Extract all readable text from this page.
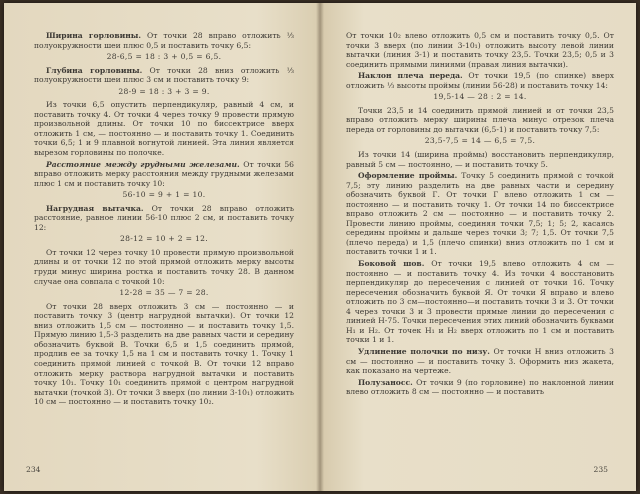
Ширина горловины. От точки 28 вправо отложить ⅓ полуокружности шеи плюс 0,5 и поставить точку 6,5:

28-6,5 = 18 : 3 + 0,5 = 6,5.

Глубина горловины. От точки 28 вниз отложить ⅓ полуокружности шеи плюс 3 см и поставить точку 9:

28-9 = 18 : 3 + 3 = 9.

Из точки 6,5 опустить перпендикуляр, равный 4 см, и поставить точку 4. От точки 4 через точку 9 провести прямую произвольной длины. От точки 10 по биссектрисе вверх отложить 1 см, — постоянно — и поставить точку 1. Соединить точки 6,5; 1 и 9 плавной вогнутой линией. Эта линия является вырезом горловины по полочке.

Расстояние между грудными железами. От точки 56 вправо отложить мерку расстояния между грудными железами плюс 1 см и поставить точку 10:

56-10 = 9 + 1 = 10.

Нагрудная вытачка. От точки 28 вправо отложить расстояние, равное линии 56-10 плюс 2 см, и поставить точку 12:

28-12 = 10 + 2 = 12.

От точки 12 через точку 10 провести прямую произвольной длины и от точки 12 по этой прямой отложить мерку высоты груди минус ширина ростка и поставить точку 28. В данном случае она совпала с точкой 10:

12-28 = 35 — 7 = 28.

От точки 28 вверх отложить 3 см — постоянно — и поставить точку 3 (центр нагрудной вытачки). От точки 12 вниз отложить 1,5 см — постоянно — и поставить точку 1,5. Прямую линию 1,5-3 разделить на две равных части и середину обозначить буквой В. Точки 6,5 и 1,5 соединить прямой, продлив ее за точку 1,5 на 1 см и поставить точку 1. Точку 1 соединить прямой линией с точкой В. От точки 12 вправо отложить мерку раствора нагрудной вытачки и поставить точку 10₁. Точку 10₁ соединить прямой с центром нагрудной вытачки (точкой 3). От точки 3 вверх (по линии 3-10₁) отложить 10 см — постоянно — и поставить точку 10₂.

234

От точки 10₂ влево отложить 0,5 см и поставить точку 0,5. От точки 3 вверх (по линии 3-10₁) отложить высоту левой линии вытачки (линия 3-1) и поставить точку 23,5. Точки 23,5; 0,5 и 3 соединить прямыми линиями (правая линия вытачки).

Наклон плеча переда. От точки 19,5 (по спинке) вверх отложить ⅓ высоты проймы (линии 56-28) и поставить точку 14:

19,5-14 — 28 : 2 = 14.

Точки 23,5 и 14 соединить прямой линией и от точки 23,5 вправо отложить мерку ширины плеча минус отрезок плеча переда от горловины до вытачки (6,5-1) и поставить точку 7,5:

23,5-7,5 = 14 — 6,5 = 7,5.

Из точки 14 (ширина проймы) восстановить перпендикуляр, равный 5 см — постоянно, — и поставить точку 5.

Оформление проймы. Точку 5 соединить прямой с точкой 7,5; эту линию разделить на две равных части и середину обозначить буквой Г. От точки Г влево отложить 1 см — постоянно — и поставить точку 1. От точки 14 по биссектрисе вправо отложить 2 см — постоянно — и поставить точку 2. Провести линию проймы, соединяя точки 7,5; 1; 5; 2, касаясь середины проймы и дальше через точки 3; 7; 1,5. От точки 7,5 (плечо переда) и 1,5 (плечо спинки) вниз отложить по 1 см и поставить точки 1 и 1.

Боковой шов. От точки 19,5 влево отложить 4 см — постоянно — и поставить точку 4. Из точки 4 восстановить перпендикуляр до пересечения с линией от точки 16. Точку пересечения обозначить буквой Я. От точки Я вправо и влево отложить по 3 см—постоянно—и поставить точки 3 и 3. От точки 4 через точки 3 и 3 провести прямые линии до пересечения с линией Н-75. Точки пересечения этих линий обозначить буквами Н₁ и Н₂. От точек Н₁ и Н₂ вверх отложить по 1 см и поставить точки 1 и 1.

Удлинение полочки по низу. От точки Н вниз отложить 3 см — постоянно — и поставить точку 3. Оформить низ жакета, как показано на чертеже.

Полузаносс. От точки 9 (по горловине) по наклонной линии влево отложить 8 см — постоянно — и поставить

235
